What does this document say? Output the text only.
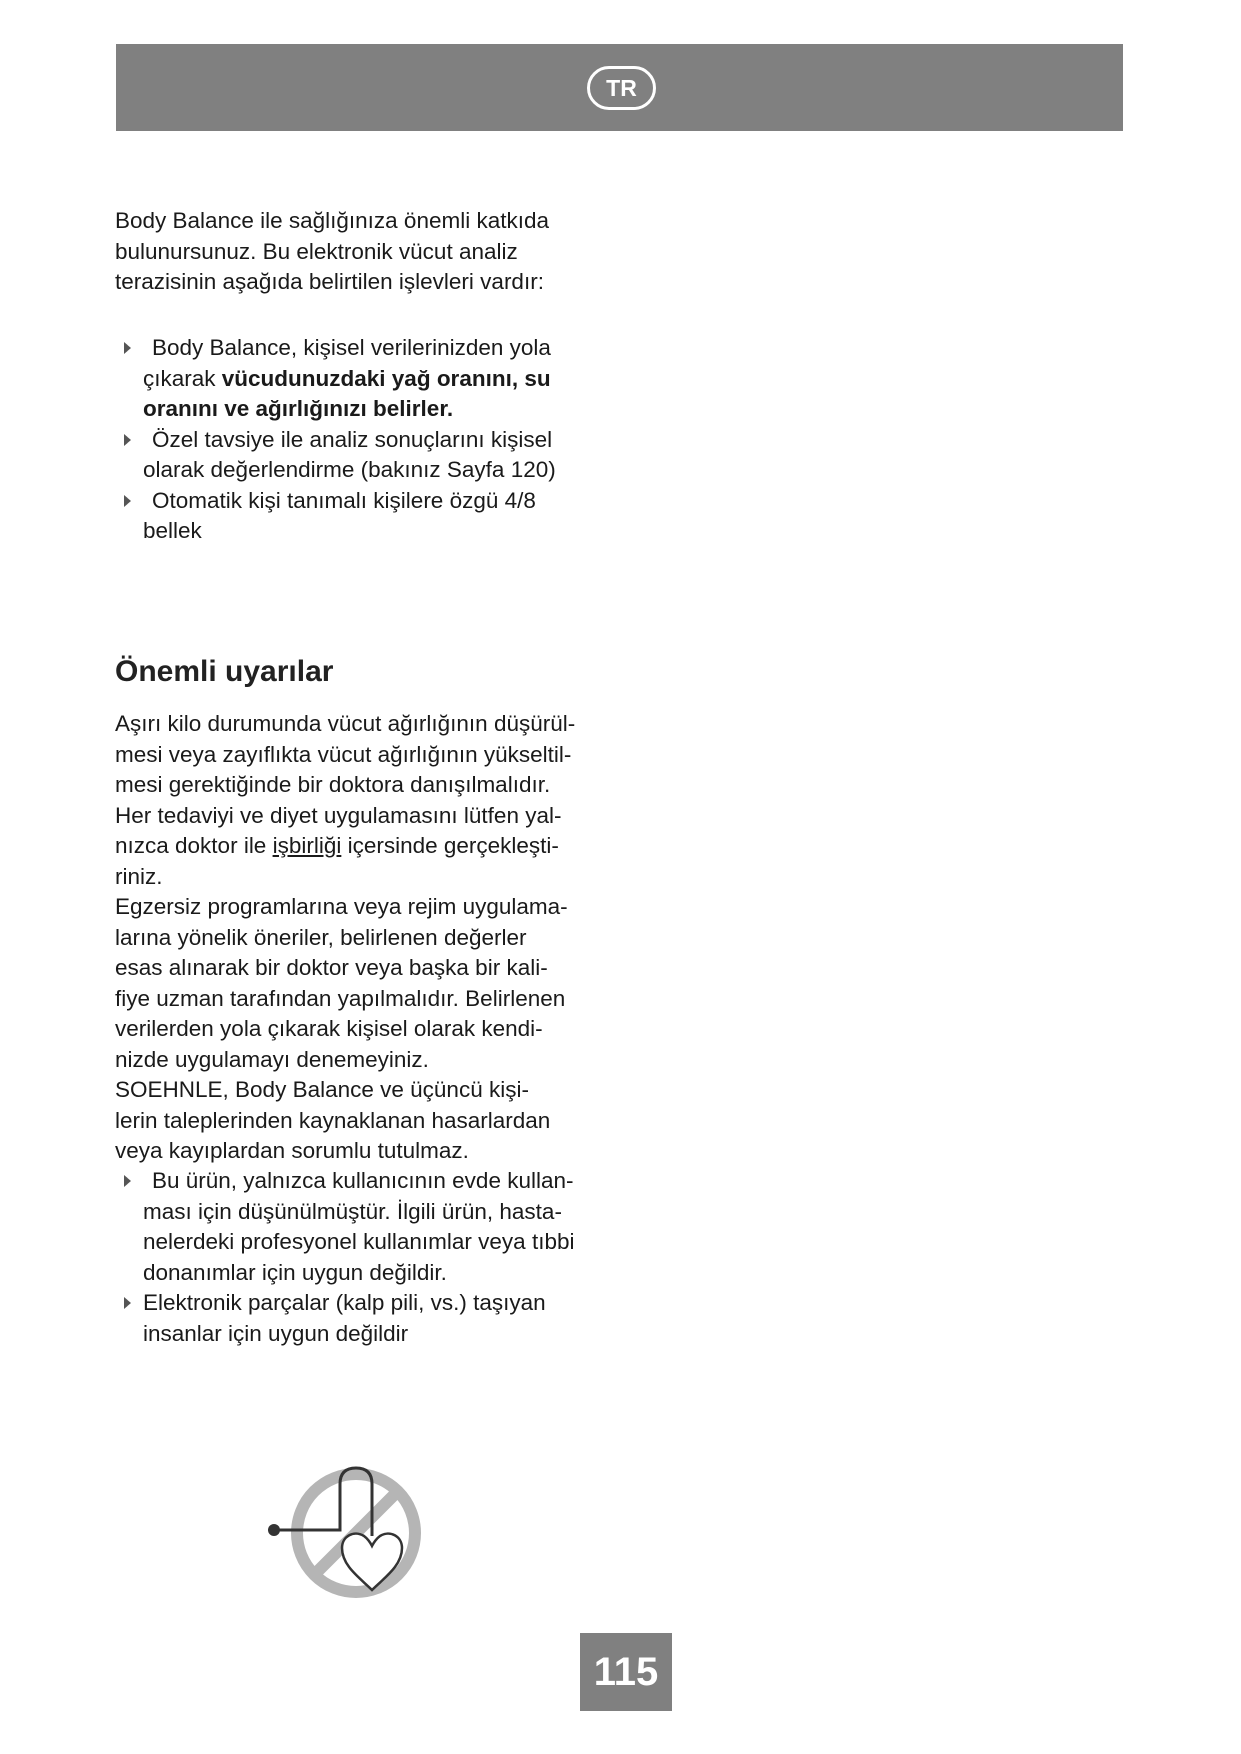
TR

Body Balance ile sağlığınıza önemli katkıda

bulunursunuz. Bu elektronik vücut analiz

terazisinin aşağıda belirtilen işlevleri vardır:

Body Balance, kişisel verilerinizden yola
çıkarak vücudunuzdaki yağ oranını, su
oranını ve ağırlığınızı belirler.
Özel tavsiye ile analiz sonuçlarını kişisel
olarak değerlendirme (bakınız Sayfa 120)
Otomatik kişi tanımalı kişilere özgü 4/8
bellek
Önemli uyarılar

Aşırı kilo durumunda vücut ağırlığının düşürül-

mesi veya zayıflıkta vücut ağırlığının yükseltil-

mesi gerektiğinde bir doktora danışılmalıdır.

Her tedaviyi ve diyet uygulamasını lütfen yal-

nızca doktor ile işbirliği içersinde gerçekleşti-

riniz.

Egzersiz programlarına veya rejim uygulama-

larına yönelik öneriler, belirlenen değerler

esas alınarak bir doktor veya başka bir kali-

fiye uzman tarafından yapılmalıdır. Belirlenen

verilerden yola çıkarak kişisel olarak kendi-

nizde uygulamayı denemeyiniz.

SOEHNLE, Body Balance ve üçüncü kişi-

lerin taleplerinden kaynaklanan hasarlardan

veya kayıplardan sorumlu tutulmaz.

Bu ürün, yalnızca kullanıcının evde kullan-
ması için düşünülmüştür. İlgili ürün, hasta-
nelerdeki profesyonel kullanımlar veya tıbbi
donanımlar için uygun değildir.
Elektronik parçalar (kalp pili, vs.) taşıyan
insanlar için uygun değildir
115
